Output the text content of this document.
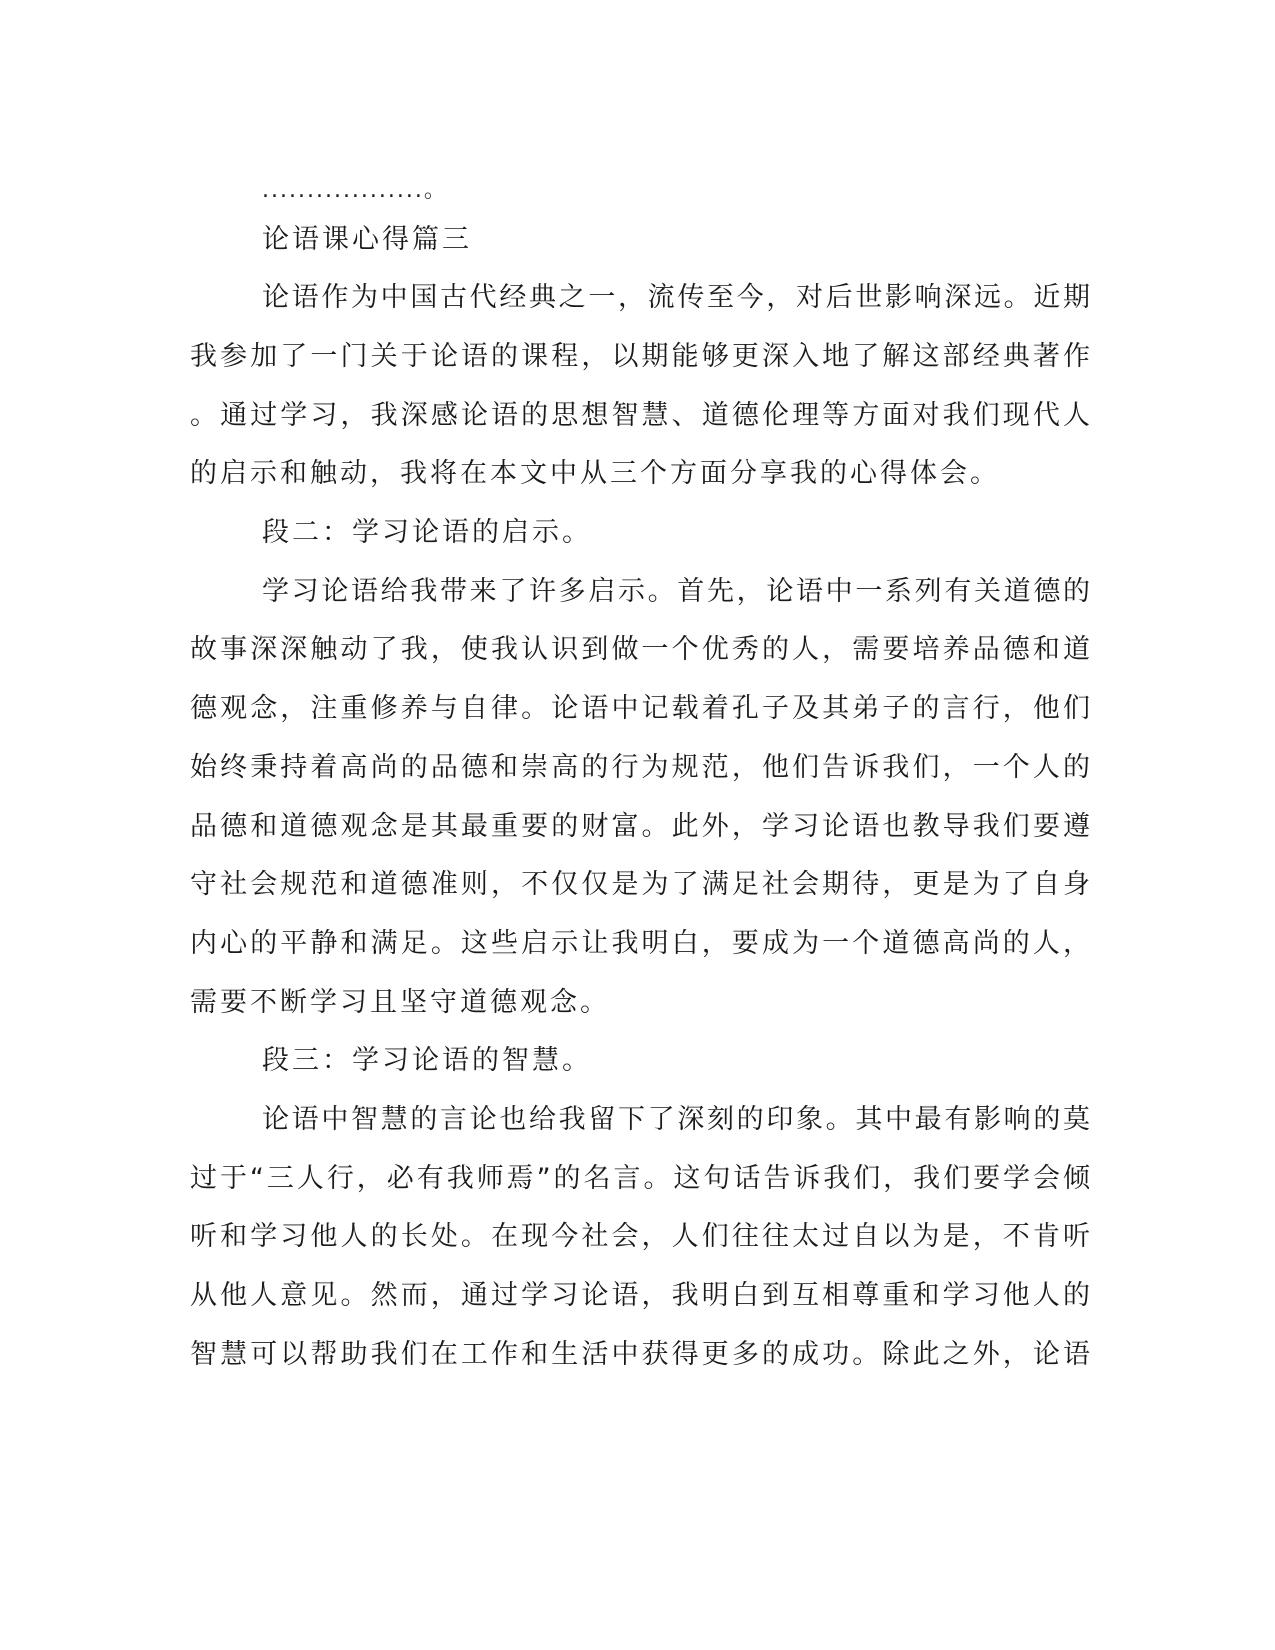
..................。
论语课心得篇三
论语作为中国古代经典之一，流传至今，对后世影响深远。近期
我参加了一门关于论语的课程，以期能够更深入地了解这部经典著作
。通过学习，我深感论语的思想智慧、道德伦理等方面对我们现代人
的启示和触动，我将在本文中从三个方面分享我的心得体会。
段二：学习论语的启示。
学习论语给我带来了许多启示。首先，论语中一系列有关道德的
故事深深触动了我，使我认识到做一个优秀的人，需要培养品德和道
德观念，注重修养与自律。论语中记载着孔子及其弟子的言行，他们
始终秉持着高尚的品德和崇高的行为规范，他们告诉我们，一个人的
品德和道德观念是其最重要的财富。此外，学习论语也教导我们要遵
守社会规范和道德准则，不仅仅是为了满足社会期待，更是为了自身
内心的平静和满足。这些启示让我明白，要成为一个道德高尚的人，
需要不断学习且坚守道德观念。
段三：学习论语的智慧。
论语中智慧的言论也给我留下了深刻的印象。其中最有影响的莫
过于“三人行，必有我师焉”的名言。这句话告诉我们，我们要学会倾
听和学习他人的长处。在现今社会，人们往往太过自以为是，不肯听
从他人意见。然而，通过学习论语，我明白到互相尊重和学习他人的
智慧可以帮助我们在工作和生活中获得更多的成功。除此之外，论语
